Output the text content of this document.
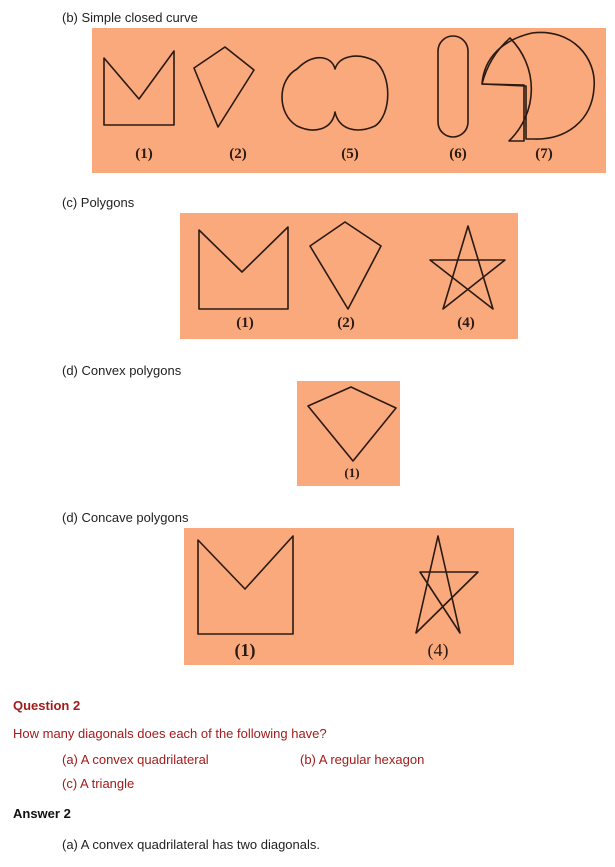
(b) Simple closed curve
(1)	(2)	(5)	(6)	(7)
(c) Polygons
(1)	(2)	(4)
(d) Convex polygons
(1)
(d) Concave polygons
(1)	(4)
Question 2
How many diagonals does each of the following have?
(a) A convex quadrilateral	(b) A regular hexagon
(c) A triangle
Answer 2
(a) A convex quadrilateral has two diagonals.
